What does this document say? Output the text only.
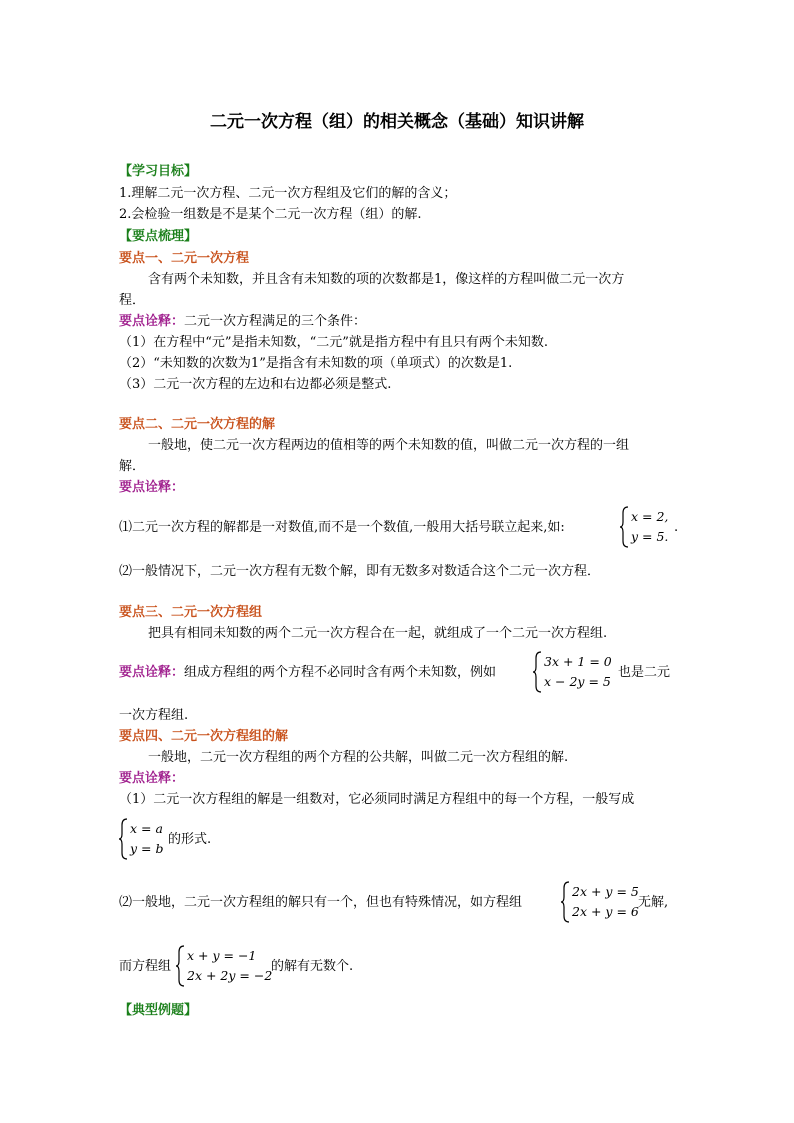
二元一次方程（组）的相关概念（基础）知识讲解
【学习目标】
1.理解二元一次方程、二元一次方程组及它们的解的含义；
2.会检验一组数是不是某个二元一次方程（组）的解.
【要点梳理】
要点一、二元一次方程
含有两个未知数，并且含有未知数的项的次数都是1，像这样的方程叫做二元一次方
程．
要点诠释：二元一次方程满足的三个条件：
（1）在方程中“元”是指未知数，“二元”就是指方程中有且只有两个未知数.
（2）“未知数的次数为1”是指含有未知数的项（单项式）的次数是1.
（3）二元一次方程的左边和右边都必须是整式.
要点二、二元一次方程的解
一般地，使二元一次方程两边的值相等的两个未知数的值，叫做二元一次方程的一组
解．
要点诠释：
⑴二元一次方程的解都是一对数值,而不是一个数值,一般用大括号联立起来,如:
x = 2,
y = 5.
.
⑵一般情况下，二元一次方程有无数个解，即有无数多对数适合这个二元一次方程．
要点三、二元一次方程组
把具有相同未知数的两个二元一次方程合在一起，就组成了一个二元一次方程组.
要点诠释：组成方程组的两个方程不必同时含有两个未知数，例如
3x + 1 = 0
x − 2y = 5
也是二元
一次方程组.
要点四、二元一次方程组的解
一般地，二元一次方程组的两个方程的公共解，叫做二元一次方程组的解.
要点诠释：
（1）二元一次方程组的解是一组数对，它必须同时满足方程组中的每一个方程，一般写成
x = a
y = b
的形式.
⑵一般地，二元一次方程组的解只有一个，但也有特殊情况，如方程组
2x + y = 5
2x + y = 6
无解,
而方程组
x + y = −1
2x + 2y = −2
的解有无数个.
【典型例题】
